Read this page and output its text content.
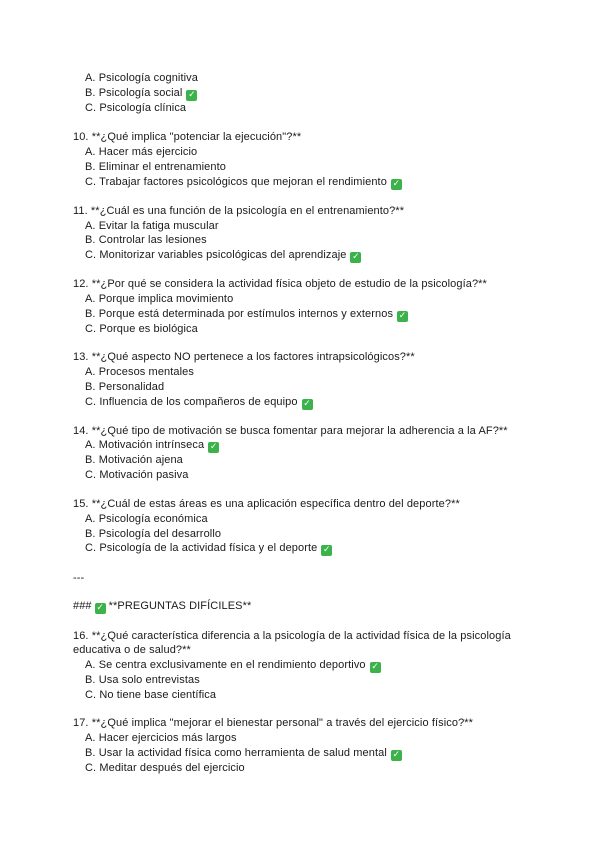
A. Psicología cognitiva
B. Psicología social ✓
C. Psicología clínica
10. **¿Qué implica "potenciar la ejecución"?**
A. Hacer más ejercicio
B. Eliminar el entrenamiento
C. Trabajar factores psicológicos que mejoran el rendimiento ✓
11. **¿Cuál es una función de la psicología en el entrenamiento?**
A. Evitar la fatiga muscular
B. Controlar las lesiones
C. Monitorizar variables psicológicas del aprendizaje ✓
12. **¿Por qué se considera la actividad física objeto de estudio de la psicología?**
A. Porque implica movimiento
B. Porque está determinada por estímulos internos y externos ✓
C. Porque es biológica
13. **¿Qué aspecto NO pertenece a los factores intrapsicológicos?**
A. Procesos mentales
B. Personalidad
C. Influencia de los compañeros de equipo ✓
14. **¿Qué tipo de motivación se busca fomentar para mejorar la adherencia a la AF?**
A. Motivación intrínseca ✓
B. Motivación ajena
C. Motivación pasiva
15. **¿Cuál de estas áreas es una aplicación específica dentro del deporte?**
A. Psicología económica
B. Psicología del desarrollo
C. Psicología de la actividad física y el deporte ✓
---
### ✓ **PREGUNTAS DIFÍCILES**
16. **¿Qué característica diferencia a la psicología de la actividad física de la psicología
educativa o de salud?**
A. Se centra exclusivamente en el rendimiento deportivo ✓
B. Usa solo entrevistas
C. No tiene base científica
17. **¿Qué implica "mejorar el bienestar personal" a través del ejercicio físico?**
A. Hacer ejercicios más largos
B. Usar la actividad física como herramienta de salud mental ✓
C. Meditar después del ejercicio
